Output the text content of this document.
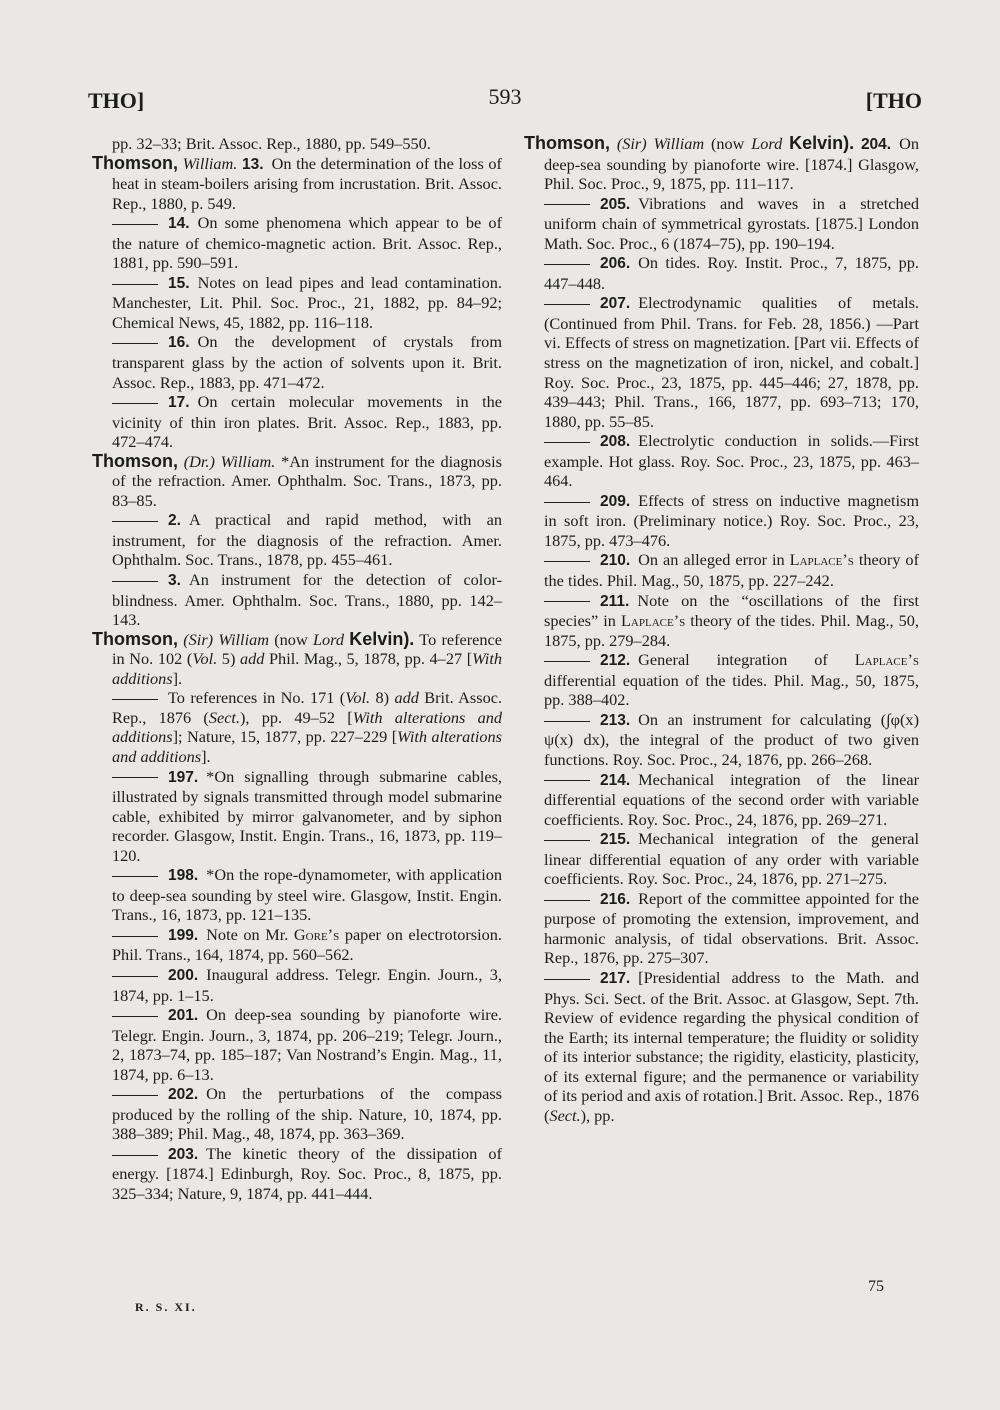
THO]	593	[THO

pp. 32–33; Brit. Assoc. Rep., 1880, pp. 549–550.

Thomson, William. 13. On the determination of the loss of heat in steam-boilers arising from incrustation. Brit. Assoc. Rep., 1880, p. 549.

14. On some phenomena which appear to be of the nature of chemico-magnetic action. Brit. Assoc. Rep., 1881, pp. 590–591.

15. Notes on lead pipes and lead contamination. Manchester, Lit. Phil. Soc. Proc., 21, 1882, pp. 84–92; Chemical News, 45, 1882, pp. 116–118.

16. On the development of crystals from transparent glass by the action of solvents upon it. Brit. Assoc. Rep., 1883, pp. 471–472.

17. On certain molecular movements in the vicinity of thin iron plates. Brit. Assoc. Rep., 1883, pp. 472–474.

Thomson, (Dr.) William. *An instrument for the diagnosis of the refraction. Amer. Ophthalm. Soc. Trans., 1873, pp. 83–85.

2. A practical and rapid method, with an instrument, for the diagnosis of the refraction. Amer. Ophthalm. Soc. Trans., 1878, pp. 455–461.

3. An instrument for the detection of color-blindness. Amer. Ophthalm. Soc. Trans., 1880, pp. 142–143.

Thomson, (Sir) William (now Lord Kelvin). To reference in No. 102 (Vol. 5) add Phil. Mag., 5, 1878, pp. 4–27 [With additions].

To references in No. 171 (Vol. 8) add Brit. Assoc. Rep., 1876 (Sect.), pp. 49–52 [With alterations and additions]; Nature, 15, 1877, pp. 227–229 [With alterations and additions].

197. *On signalling through submarine cables, illustrated by signals transmitted through model submarine cable, exhibited by mirror galvanometer, and by siphon recorder. Glasgow, Instit. Engin. Trans., 16, 1873, pp. 119–120.

198. *On the rope-dynamometer, with application to deep-sea sounding by steel wire. Glasgow, Instit. Engin. Trans., 16, 1873, pp. 121–135.

199. Note on Mr. Gore’s paper on electrotorsion. Phil. Trans., 164, 1874, pp. 560–562.

200. Inaugural address. Telegr. Engin. Journ., 3, 1874, pp. 1–15.

201. On deep-sea sounding by pianoforte wire. Telegr. Engin. Journ., 3, 1874, pp. 206–219; Telegr. Journ., 2, 1873–74, pp. 185–187; Van Nostrand’s Engin. Mag., 11, 1874, pp. 6–13.

202. On the perturbations of the compass produced by the rolling of the ship. Nature, 10, 1874, pp. 388–389; Phil. Mag., 48, 1874, pp. 363–369.

203. The kinetic theory of the dissipation of energy. [1874.] Edinburgh, Roy. Soc. Proc., 8, 1875, pp. 325–334; Nature, 9, 1874, pp. 441–444.

Thomson, (Sir) William (now Lord Kelvin). 204. On deep-sea sounding by pianoforte wire. [1874.] Glasgow, Phil. Soc. Proc., 9, 1875, pp. 111–117.

205. Vibrations and waves in a stretched uniform chain of symmetrical gyrostats. [1875.] London Math. Soc. Proc., 6 (1874–75), pp. 190–194.

206. On tides. Roy. Instit. Proc., 7, 1875, pp. 447–448.

207. Electrodynamic qualities of metals. (Continued from Phil. Trans. for Feb. 28, 1856.) —Part vi. Effects of stress on magnetization. [Part vii. Effects of stress on the magnetization of iron, nickel, and cobalt.] Roy. Soc. Proc., 23, 1875, pp. 445–446; 27, 1878, pp. 439–443; Phil. Trans., 166, 1877, pp. 693–713; 170, 1880, pp. 55–85.

208. Electrolytic conduction in solids.—First example. Hot glass. Roy. Soc. Proc., 23, 1875, pp. 463–464.

209. Effects of stress on inductive magnetism in soft iron. (Preliminary notice.) Roy. Soc. Proc., 23, 1875, pp. 473–476.

210. On an alleged error in Laplace’s theory of the tides. Phil. Mag., 50, 1875, pp. 227–242.

211. Note on the “oscillations of the first species” in Laplace’s theory of the tides. Phil. Mag., 50, 1875, pp. 279–284.

212. General integration of Laplace’s differential equation of the tides. Phil. Mag., 50, 1875, pp. 388–402.

213. On an instrument for calculating (∫φ(x) ψ(x) dx), the integral of the product of two given functions. Roy. Soc. Proc., 24, 1876, pp. 266–268.

214. Mechanical integration of the linear differential equations of the second order with variable coefficients. Roy. Soc. Proc., 24, 1876, pp. 269–271.

215. Mechanical integration of the general linear differential equation of any order with variable coefficients. Roy. Soc. Proc., 24, 1876, pp. 271–275.

216. Report of the committee appointed for the purpose of promoting the extension, improvement, and harmonic analysis, of tidal observations. Brit. Assoc. Rep., 1876, pp. 275–307.

217. [Presidential address to the Math. and Phys. Sci. Sect. of the Brit. Assoc. at Glasgow, Sept. 7th. Review of evidence regarding the physical condition of the Earth; its internal temperature; the fluidity or solidity of its interior substance; the rigidity, elasticity, plasticity, of its external figure; and the permanence or variability of its period and axis of rotation.] Brit. Assoc. Rep., 1876 (Sect.), pp.

R. S. XI.
75
